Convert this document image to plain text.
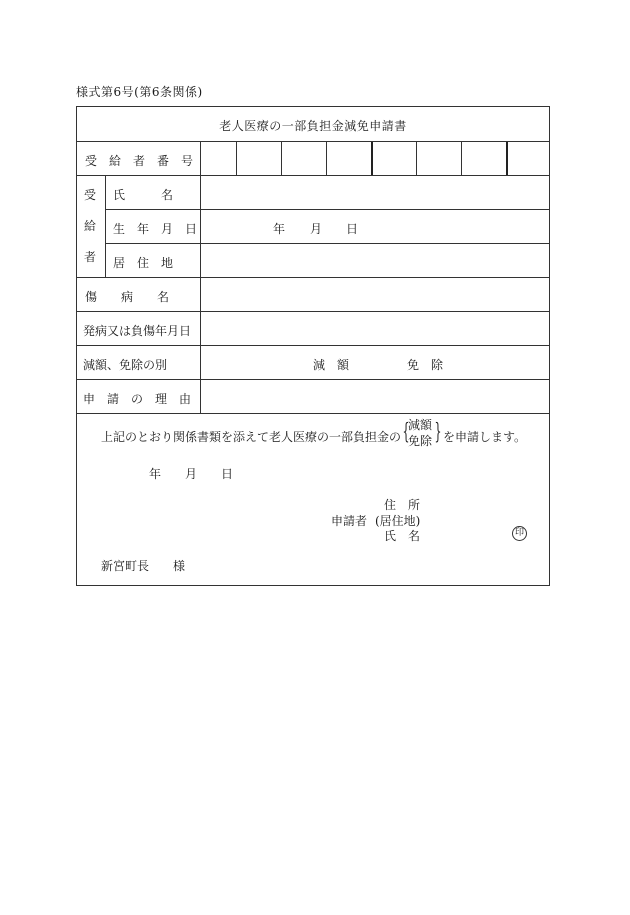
様式第6号(第6条関係)
老人医療の一部負担金減免申請書
受　給　者　番　号
受
給
者
氏　　　名
生　年　月　日	年 月 日
居　住　地
傷　　病　　名
発病又は負傷年月日
減額、免除の別	減　額	免　除
申　請　の　理　由
上記のとおり関係書類を添えて老人医療の一部負担金の {
減額
免除 } を申請します。
年 月 日
住　所
申請者 (居住地)
氏　名	印
新宮町長　　様
